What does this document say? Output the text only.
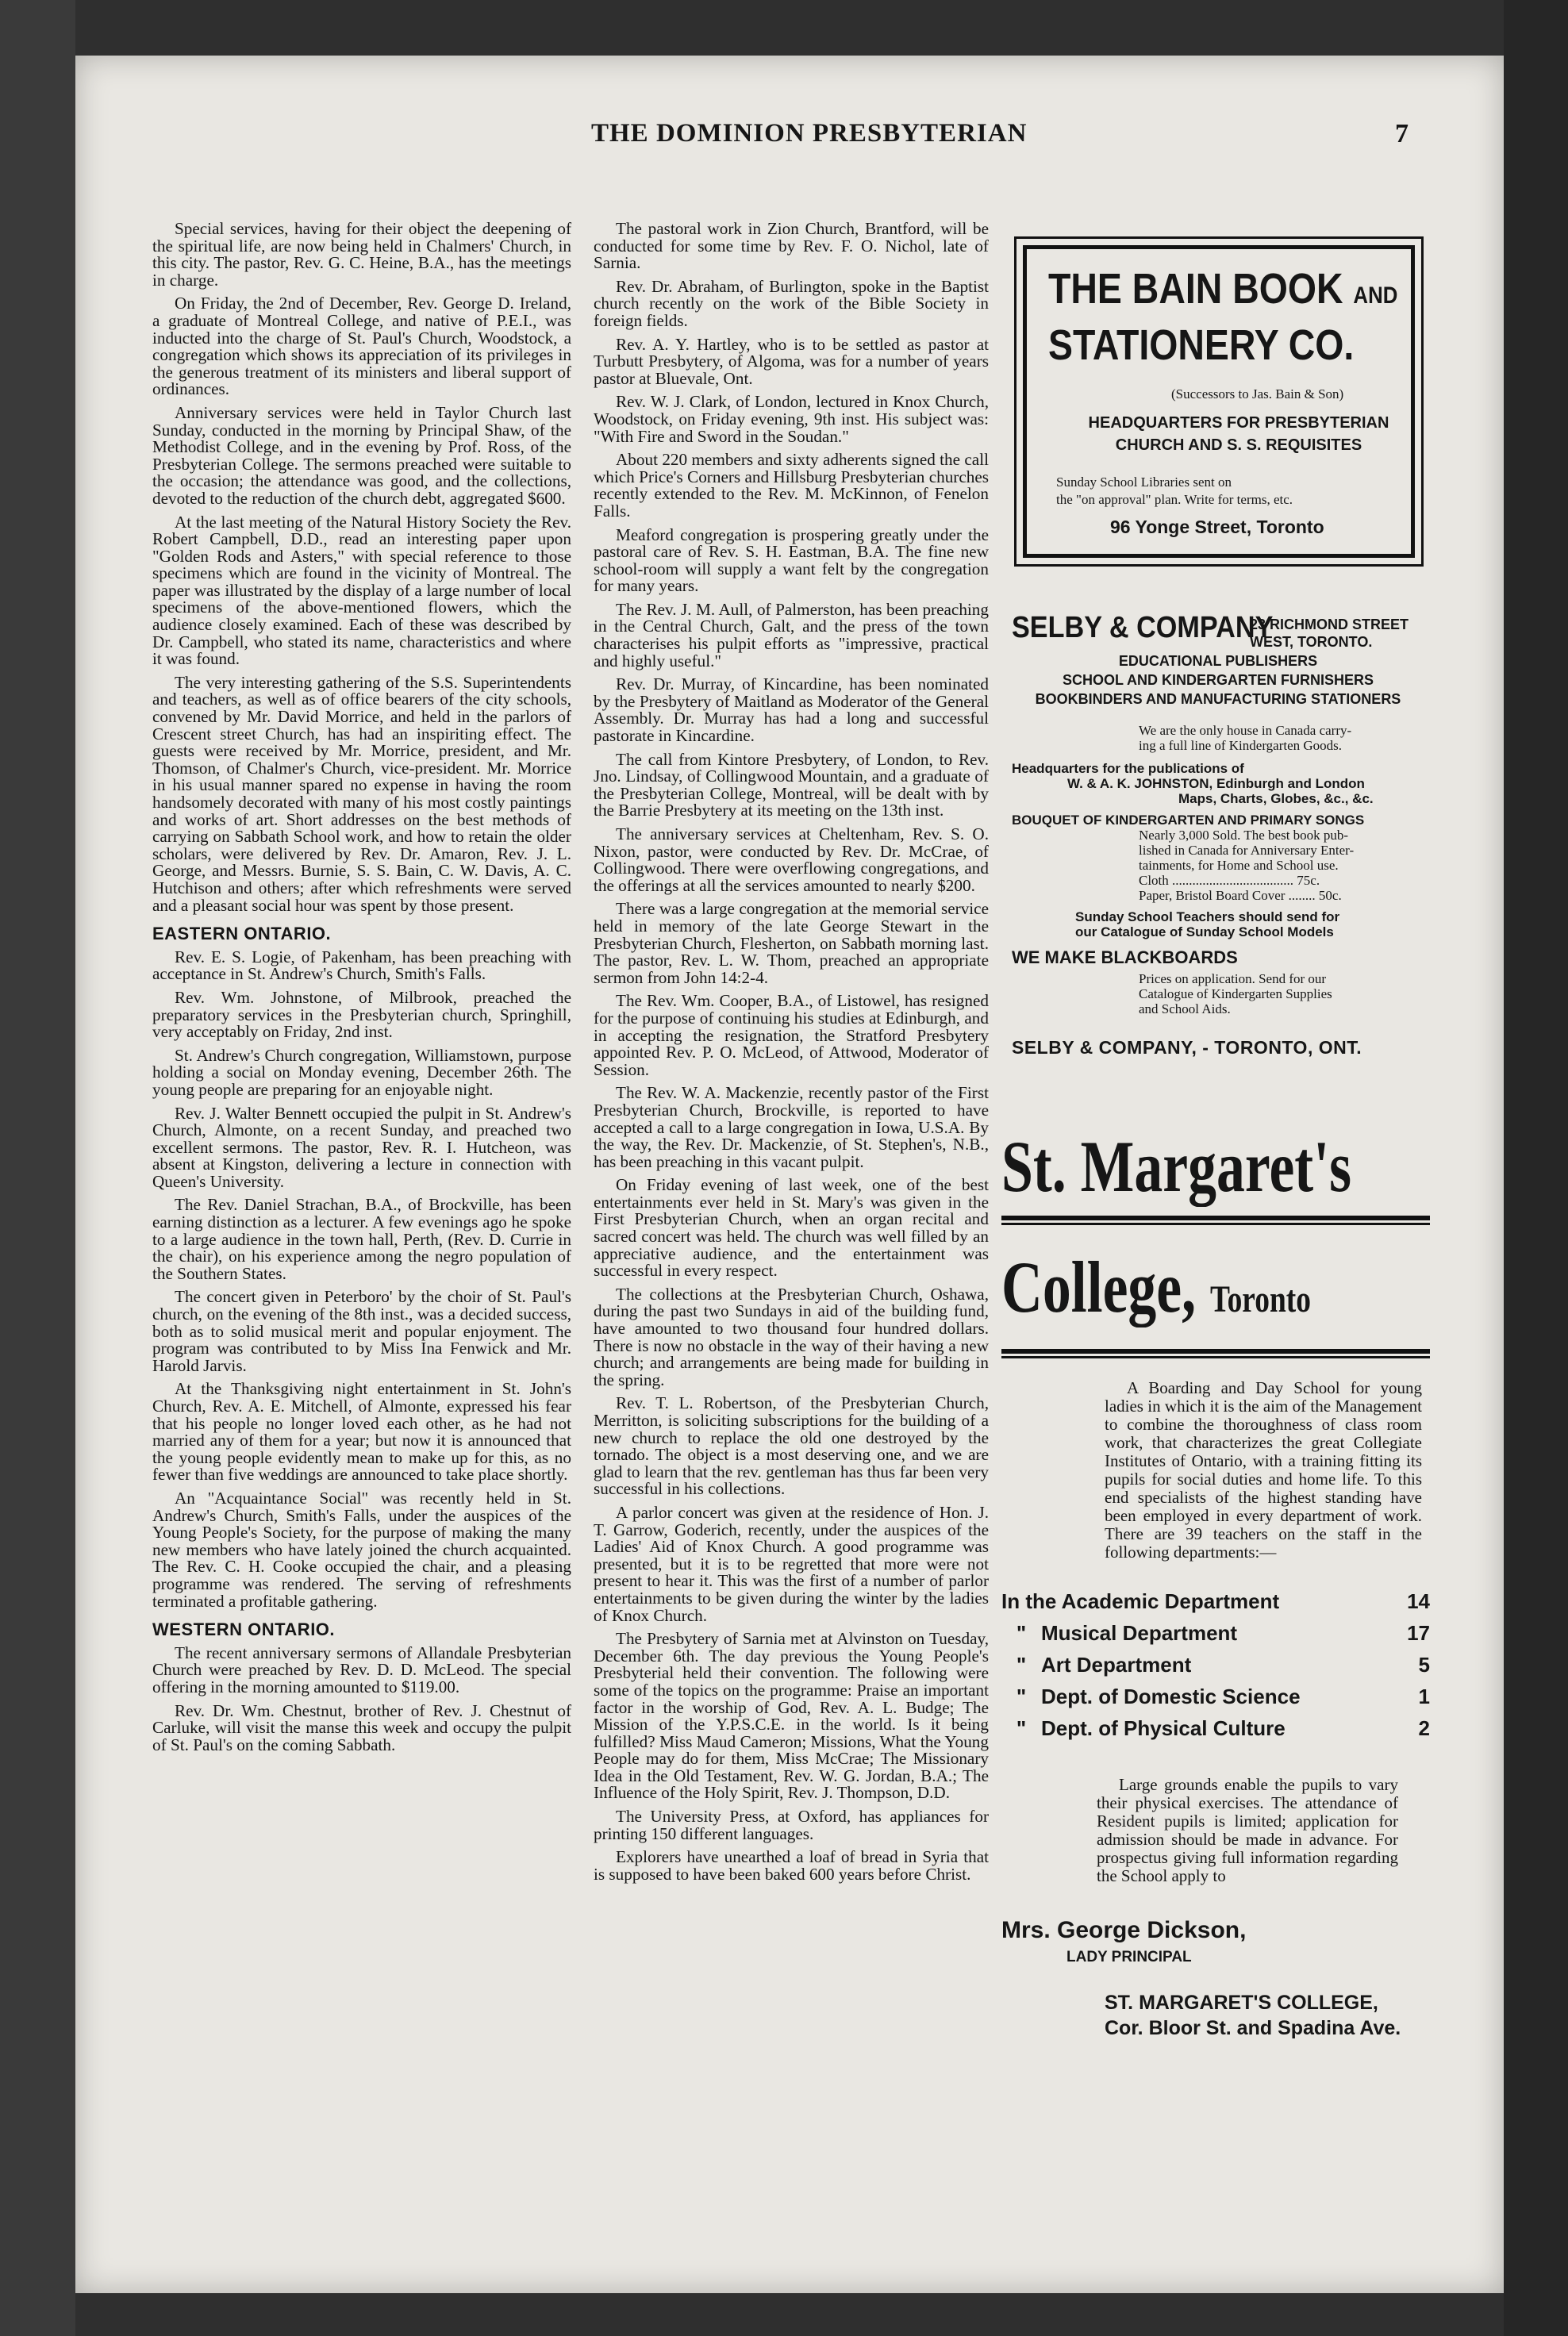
THE DOMINION PRESBYTERIAN	7

Special services, having for their object the deepening of the spiritual life, are now being held in Chalmers' Church, in this city. The pastor, Rev. G. C. Heine, B.A., has the meetings in charge.

On Friday, the 2nd of December, Rev. George D. Ireland, a graduate of Montreal College, and native of P.E.I., was inducted into the charge of St. Paul's Church, Woodstock, a congregation which shows its appreciation of its privileges in the generous treatment of its ministers and liberal support of ordinances.

Anniversary services were held in Taylor Church last Sunday, conducted in the morning by Principal Shaw, of the Methodist College, and in the evening by Prof. Ross, of the Presbyterian College. The sermons preached were suitable to the occasion; the attendance was good, and the collections, devoted to the reduction of the church debt, aggregated $600.

At the last meeting of the Natural History Society the Rev. Robert Campbell, D.D., read an interesting paper upon "Golden Rods and Asters," with special reference to those specimens which are found in the vicinity of Montreal. The paper was illustrated by the display of a large number of local specimens of the above-mentioned flowers, which the audience closely examined. Each of these was described by Dr. Campbell, who stated its name, characteristics and where it was found.

The very interesting gathering of the S.S. Superintendents and teachers, as well as of office bearers of the city schools, convened by Mr. David Morrice, and held in the parlors of Crescent street Church, has had an inspiriting effect. The guests were received by Mr. Morrice, president, and Mr. Thomson, of Chalmer's Church, vice-president. Mr. Morrice in his usual manner spared no expense in having the room handsomely decorated with many of his most costly paintings and works of art. Short addresses on the best methods of carrying on Sabbath School work, and how to retain the older scholars, were delivered by Rev. Dr. Amaron, Rev. J. L. George, and Messrs. Burnie, S. S. Bain, C. W. Davis, A. C. Hutchison and others; after which refreshments were served and a pleasant social hour was spent by those present.

EASTERN ONTARIO.

Rev. E. S. Logie, of Pakenham, has been preaching with acceptance in St. Andrew's Church, Smith's Falls.

Rev. Wm. Johnstone, of Milbrook, preached the preparatory services in the Presbyterian church, Springhill, very acceptably on Friday, 2nd inst.

St. Andrew's Church congregation, Williamstown, purpose holding a social on Monday evening, December 26th. The young people are preparing for an enjoyable night.

Rev. J. Walter Bennett occupied the pulpit in St. Andrew's Church, Almonte, on a recent Sunday, and preached two excellent sermons. The pastor, Rev. R. I. Hutcheon, was absent at Kingston, delivering a lecture in connection with Queen's University.

The Rev. Daniel Strachan, B.A., of Brockville, has been earning distinction as a lecturer. A few evenings ago he spoke to a large audience in the town hall, Perth, (Rev. D. Currie in the chair), on his experience among the negro population of the Southern States.

The concert given in Peterboro' by the choir of St. Paul's church, on the evening of the 8th inst., was a decided success, both as to solid musical merit and popular enjoyment. The program was contributed to by Miss Ina Fenwick and Mr. Harold Jarvis.

At the Thanksgiving night entertainment in St. John's Church, Rev. A. E. Mitchell, of Almonte, expressed his fear that his people no longer loved each other, as he had not married any of them for a year; but now it is announced that the young people evidently mean to make up for this, as no fewer than five weddings are announced to take place shortly.

An "Acquaintance Social" was recently held in St. Andrew's Church, Smith's Falls, under the auspices of the Young People's Society, for the purpose of making the many new members who have lately joined the church acquainted. The Rev. C. H. Cooke occupied the chair, and a pleasing programme was rendered. The serving of refreshments terminated a profitable gathering.

WESTERN ONTARIO.

The recent anniversary sermons of Allandale Presbyterian Church were preached by Rev. D. D. McLeod. The special offering in the morning amounted to $119.00.

Rev. Dr. Wm. Chestnut, brother of Rev. J. Chestnut of Carluke, will visit the manse this week and occupy the pulpit of St. Paul's on the coming Sabbath.

The pastoral work in Zion Church, Brantford, will be conducted for some time by Rev. F. O. Nichol, late of Sarnia.

Rev. Dr. Abraham, of Burlington, spoke in the Baptist church recently on the work of the Bible Society in foreign fields.

Rev. A. Y. Hartley, who is to be settled as pastor at Turbutt Presbytery, of Algoma, was for a number of years pastor at Bluevale, Ont.

Rev. W. J. Clark, of London, lectured in Knox Church, Woodstock, on Friday evening, 9th inst. His subject was: "With Fire and Sword in the Soudan."

About 220 members and sixty adherents signed the call which Price's Corners and Hillsburg Presbyterian churches recently extended to the Rev. M. McKinnon, of Fenelon Falls.

Meaford congregation is prospering greatly under the pastoral care of Rev. S. H. Eastman, B.A. The fine new school-room will supply a want felt by the congregation for many years.

The Rev. J. M. Aull, of Palmerston, has been preaching in the Central Church, Galt, and the press of the town characterises his pulpit efforts as "impressive, practical and highly useful."

Rev. Dr. Murray, of Kincardine, has been nominated by the Presbytery of Maitland as Moderator of the General Assembly. Dr. Murray has had a long and successful pastorate in Kincardine.

The call from Kintore Presbytery, of London, to Rev. Jno. Lindsay, of Collingwood Mountain, and a graduate of the Presbyterian College, Montreal, will be dealt with by the Barrie Presbytery at its meeting on the 13th inst.

The anniversary services at Cheltenham, Rev. S. O. Nixon, pastor, were conducted by Rev. Dr. McCrae, of Collingwood. There were overflowing congregations, and the offerings at all the services amounted to nearly $200.

There was a large congregation at the memorial service held in memory of the late George Stewart in the Presbyterian Church, Flesherton, on Sabbath morning last. The pastor, Rev. L. W. Thom, preached an appropriate sermon from John 14:2-4.

The Rev. Wm. Cooper, B.A., of Listowel, has resigned for the purpose of continuing his studies at Edinburgh, and in accepting the resignation, the Stratford Presbytery appointed Rev. P. O. McLeod, of Attwood, Moderator of Session.

The Rev. W. A. Mackenzie, recently pastor of the First Presbyterian Church, Brockville, is reported to have accepted a call to a large congregation in Iowa, U.S.A. By the way, the Rev. Dr. Mackenzie, of St. Stephen's, N.B., has been preaching in this vacant pulpit.

On Friday evening of last week, one of the best entertainments ever held in St. Mary's was given in the First Presbyterian Church, when an organ recital and sacred concert was held. The church was well filled by an appreciative audience, and the entertainment was successful in every respect.

The collections at the Presbyterian Church, Oshawa, during the past two Sundays in aid of the building fund, have amounted to two thousand four hundred dollars. There is now no obstacle in the way of their having a new church; and arrangements are being made for building in the spring.

Rev. T. L. Robertson, of the Presbyterian Church, Merritton, is soliciting subscriptions for the building of a new church to replace the old one destroyed by the tornado. The object is a most deserving one, and we are glad to learn that the rev. gentleman has thus far been very successful in his collections.

A parlor concert was given at the residence of Hon. J. T. Garrow, Goderich, recently, under the auspices of the Ladies' Aid of Knox Church. A good programme was presented, but it is to be regretted that more were not present to hear it. This was the first of a number of parlor entertainments to be given during the winter by the ladies of Knox Church.

The Presbytery of Sarnia met at Alvinston on Tuesday, December 6th. The day previous the Young People's Presbyterial held their convention. The following were some of the topics on the programme: Praise an important factor in the worship of God, Rev. A. L. Budge; The Mission of the Y.P.S.C.E. in the world. Is it being fulfilled? Miss Maud Cameron; Missions, What the Young People may do for them, Miss McCrae; The Missionary Idea in the Old Testament, Rev. W. G. Jordan, B.A.; The Influence of the Holy Spirit, Rev. J. Thompson, D.D.

The University Press, at Oxford, has appliances for printing 150 different languages.

Explorers have unearthed a loaf of bread in Syria that is supposed to have been baked 600 years before Christ.

THE BAIN BOOK AND
STATIONERY CO.
(Successors to Jas. Bain & Son)
HEADQUARTERS FOR PRESBYTERIAN
CHURCH AND S. S. REQUISITES
Sunday School Libraries sent on
the "on approval" plan. Write for terms, etc.
96 Yonge Street, Toronto
SELBY & COMPANY
23 RICHMOND STREET
WEST, TORONTO.
EDUCATIONAL PUBLISHERS
SCHOOL AND KINDERGARTEN FURNISHERS
BOOKBINDERS AND MANUFACTURING STATIONERS
We are the only house in Canada carry-
ing a full line of Kindergarten Goods.
Headquarters for the publications of
W. & A. K. JOHNSTON, Edinburgh and London
Maps, Charts, Globes, &c., &c.
BOUQUET OF KINDERGARTEN AND PRIMARY SONGS
Nearly 3,000 Sold. The best book pub-
lished in Canada for Anniversary Enter-
tainments, for Home and School use.
Cloth .................................... 75c.
Paper, Bristol Board Cover ........ 50c.
Sunday School Teachers should send for
our Catalogue of Sunday School Models
WE MAKE BLACKBOARDS
Prices on application. Send for our
Catalogue of Kindergarten Supplies
and School Aids.
SELBY & COMPANY, - TORONTO, ONT.
St. Margaret's
College, Toronto
A Boarding and Day School for young ladies in which it is the aim of the Management to combine the thoroughness of class room work, that characterizes the great Collegiate Institutes of Ontario, with a training fitting its pupils for social duties and home life. To this end specialists of the highest standing have been employed in every department of work. There are 39 teachers on the staff in the following departments:—
In the Academic Department	14
" Musical Department	17
" Art Department	5
" Dept. of Domestic Science	1
" Dept. of Physical Culture	2
Large grounds enable the pupils to vary their physical exercises. The attendance of Resident pupils is limited; application for admission should be made in advance. For prospectus giving full information regarding the School apply to
Mrs. George Dickson,
LADY PRINCIPAL
ST. MARGARET'S COLLEGE,
Cor. Bloor St. and Spadina Ave.
